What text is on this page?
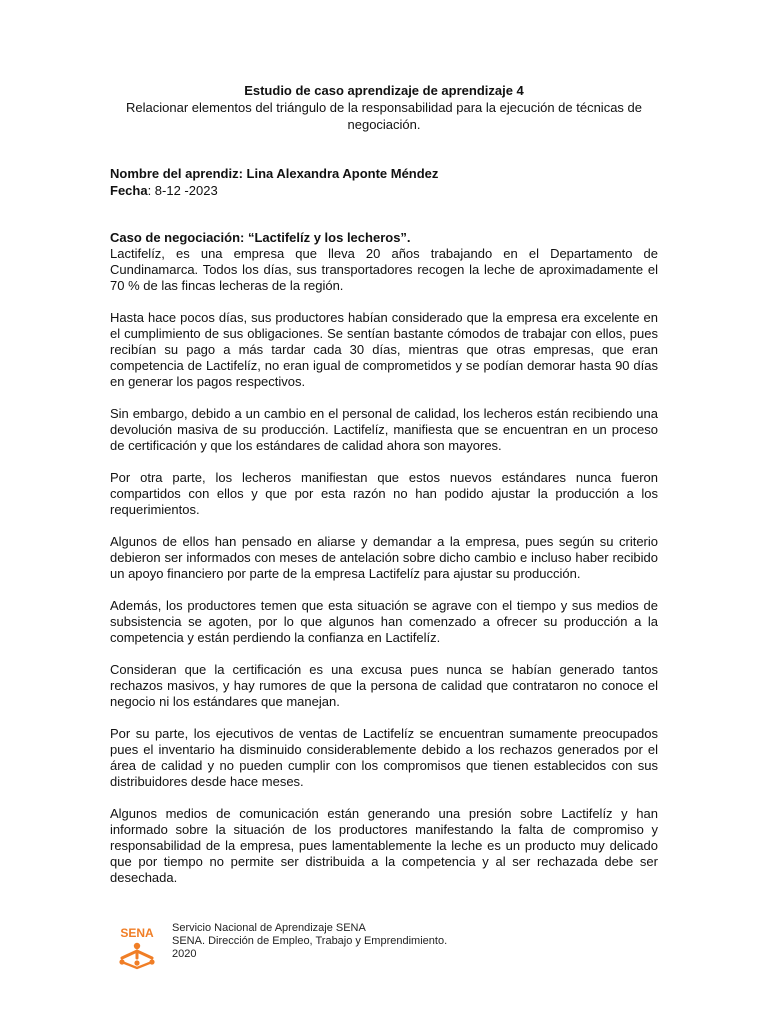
Estudio de caso aprendizaje de aprendizaje 4

Relacionar elementos del triángulo de la responsabilidad para la ejecución de técnicas de negociación.

Nombre del aprendiz: Lina Alexandra Aponte Méndez

Fecha: 8-12 -2023

Caso de negociación: “Lactifelíz y los lecheros”.

Lactifelíz, es una empresa que lleva 20 años trabajando en el Departamento de Cundinamarca. Todos los días, sus transportadores recogen la leche de aproximadamente el 70 % de las fincas lecheras de la región.

Hasta hace pocos días, sus productores habían considerado que la empresa era excelente en el cumplimiento de sus obligaciones. Se sentían bastante cómodos de trabajar con ellos, pues recibían su pago a más tardar cada 30 días, mientras que otras empresas, que eran competencia de Lactifelíz, no eran igual de comprometidos y se podían demorar hasta 90 días en generar los pagos respectivos.

Sin embargo, debido a un cambio en el personal de calidad, los lecheros están recibiendo una devolución masiva de su producción. Lactifelíz, manifiesta que se encuentran en un proceso de certificación y que los estándares de calidad ahora son mayores.

Por otra parte, los lecheros manifiestan que estos nuevos estándares nunca fueron compartidos con ellos y que por esta razón no han podido ajustar la producción a los requerimientos.

Algunos de ellos han pensado en aliarse y demandar a la empresa, pues según su criterio debieron ser informados con meses de antelación sobre dicho cambio e incluso haber recibido un apoyo financiero por parte de la empresa Lactifelíz para ajustar su producción.

Además, los productores temen que esta situación se agrave con el tiempo y sus medios de subsistencia se agoten, por lo que algunos han comenzado a ofrecer su producción a la competencia y están perdiendo la confianza en Lactifelíz.

Consideran que la certificación es una excusa pues nunca se habían generado tantos rechazos masivos, y hay rumores de que la persona de calidad que contrataron no conoce el negocio ni los estándares que manejan.

Por su parte, los ejecutivos de ventas de Lactifelíz se encuentran sumamente preocupados pues el inventario ha disminuido considerablemente debido a los rechazos generados por el área de calidad y no pueden cumplir con los compromisos que tienen establecidos con sus distribuidores desde hace meses.

Algunos medios de comunicación están generando una presión sobre Lactifelíz y han informado sobre la situación de los productores manifestando la falta de compromiso y responsabilidad de la empresa, pues lamentablemente la leche es un producto muy delicado que por tiempo no permite ser distribuida a la competencia y al ser rechazada debe ser desechada.

SENA Servicio Nacional de Aprendizaje SENA
SENA. Dirección de Empleo, Trabajo y Emprendimiento.
2020
